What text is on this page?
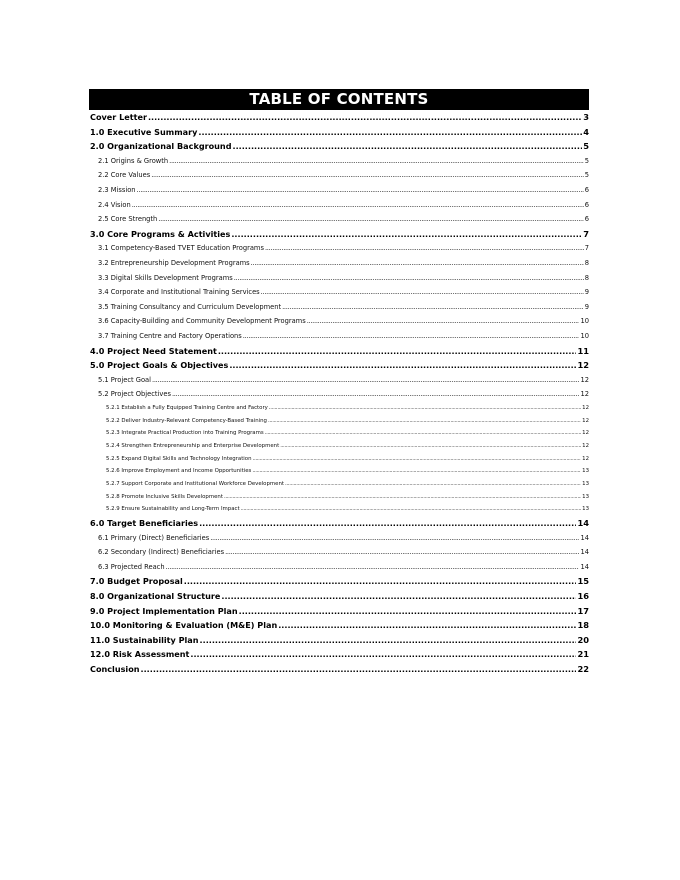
TABLE OF CONTENTS
Cover Letter .....	3
1.0 Executive Summary .....	4
2.0 Organizational Background .....	5
2.1 Origins & Growth .....	5
2.2 Core Values .....	5
2.3 Mission .....	6
2.4 Vision .....	6
2.5 Core Strength .....	6
3.0 Core Programs & Activities .....	7
3.1 Competency-Based TVET Education Programs .....	7
3.2 Entrepreneurship Development Programs .....	8
3.3 Digital Skills Development Programs .....	8
3.4 Corporate and Institutional Training Services .....	9
3.5 Training Consultancy and Curriculum Development .....	9
3.6 Capacity-Building and Community Development Programs .....	10
3.7 Training Centre and Factory Operations .....	10
4.0 Project Need Statement .....	11
5.0 Project Goals & Objectives .....	12
5.1 Project Goal .....	12
5.2 Project Objectives .....	12
5.2.1 Establish a Fully Equipped Training Centre and Factory .....	12
5.2.2 Deliver Industry-Relevant Competency-Based Training .....	12
5.2.3 Integrate Practical Production into Training Programs .....	12
5.2.4 Strengthen Entrepreneurship and Enterprise Development .....	12
5.2.5 Expand Digital Skills and Technology Integration .....	12
5.2.6 Improve Employment and Income Opportunities .....	13
5.2.7 Support Corporate and Institutional Workforce Development .....	13
5.2.8 Promote Inclusive Skills Development .....	13
5.2.9 Ensure Sustainability and Long-Term Impact .....	13
6.0 Target Beneficiaries .....	14
6.1 Primary (Direct) Beneficiaries .....	14
6.2 Secondary (Indirect) Beneficiaries .....	14
6.3 Projected Reach .....	14
7.0 Budget Proposal .....	15
8.0 Organizational Structure .....	16
9.0 Project Implementation Plan .....	17
10.0 Monitoring & Evaluation (M&E) Plan .....	18
11.0 Sustainability Plan .....	20
12.0 Risk Assessment .....	21
Conclusion .....	22
